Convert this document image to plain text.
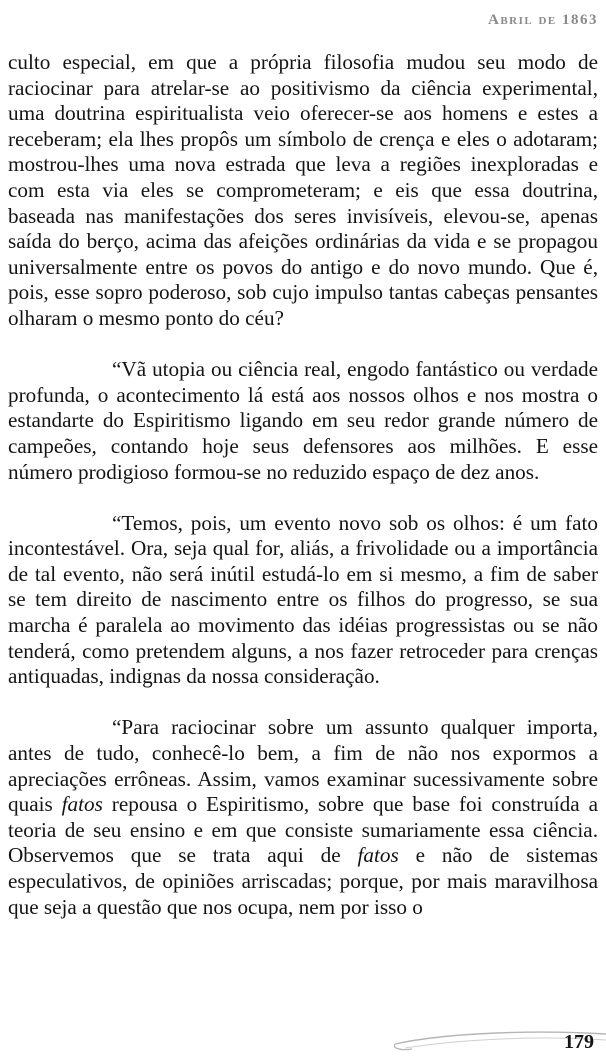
Abril de 1863

culto especial, em que a própria filosofia mudou seu modo de raciocinar para atrelar-se ao positivismo da ciência experimental, uma doutrina espiritualista veio oferecer-se aos homens e estes a receberam; ela lhes propôs um símbolo de crença e eles o adotaram; mostrou-lhes uma nova estrada que leva a regiões inexploradas e com esta via eles se comprometeram; e eis que essa doutrina, baseada nas manifestações dos seres invisíveis, elevou-se, apenas saída do berço, acima das afeições ordinárias da vida e se propagou universalmente entre os povos do antigo e do novo mundo. Que é, pois, esse sopro poderoso, sob cujo impulso tantas cabeças pensantes olharam o mesmo ponto do céu?

“Vã utopia ou ciência real, engodo fantástico ou verdade profunda, o acontecimento lá está aos nossos olhos e nos mostra o estandarte do Espiritismo ligando em seu redor grande número de campeões, contando hoje seus defensores aos milhões. E esse número prodigioso formou-se no reduzido espaço de dez anos.

“Temos, pois, um evento novo sob os olhos: é um fato incontestável. Ora, seja qual for, aliás, a frivolidade ou a importância de tal evento, não será inútil estudá-lo em si mesmo, a fim de saber se tem direito de nascimento entre os filhos do progresso, se sua marcha é paralela ao movimento das idéias progressistas ou se não tenderá, como pretendem alguns, a nos fazer retroceder para crenças antiquadas, indignas da nossa consideração.

“Para raciocinar sobre um assunto qualquer importa, antes de tudo, conhecê-lo bem, a fim de não nos expormos a apreciações errôneas. Assim, vamos examinar sucessivamente sobre quais fatos repousa o Espiritismo, sobre que base foi construída a teoria de seu ensino e em que consiste sumariamente essa ciência. Observemos que se trata aqui de fatos e não de sistemas especulativos, de opiniões arriscadas; porque, por mais maravilhosa que seja a questão que nos ocupa, nem por isso o

179
